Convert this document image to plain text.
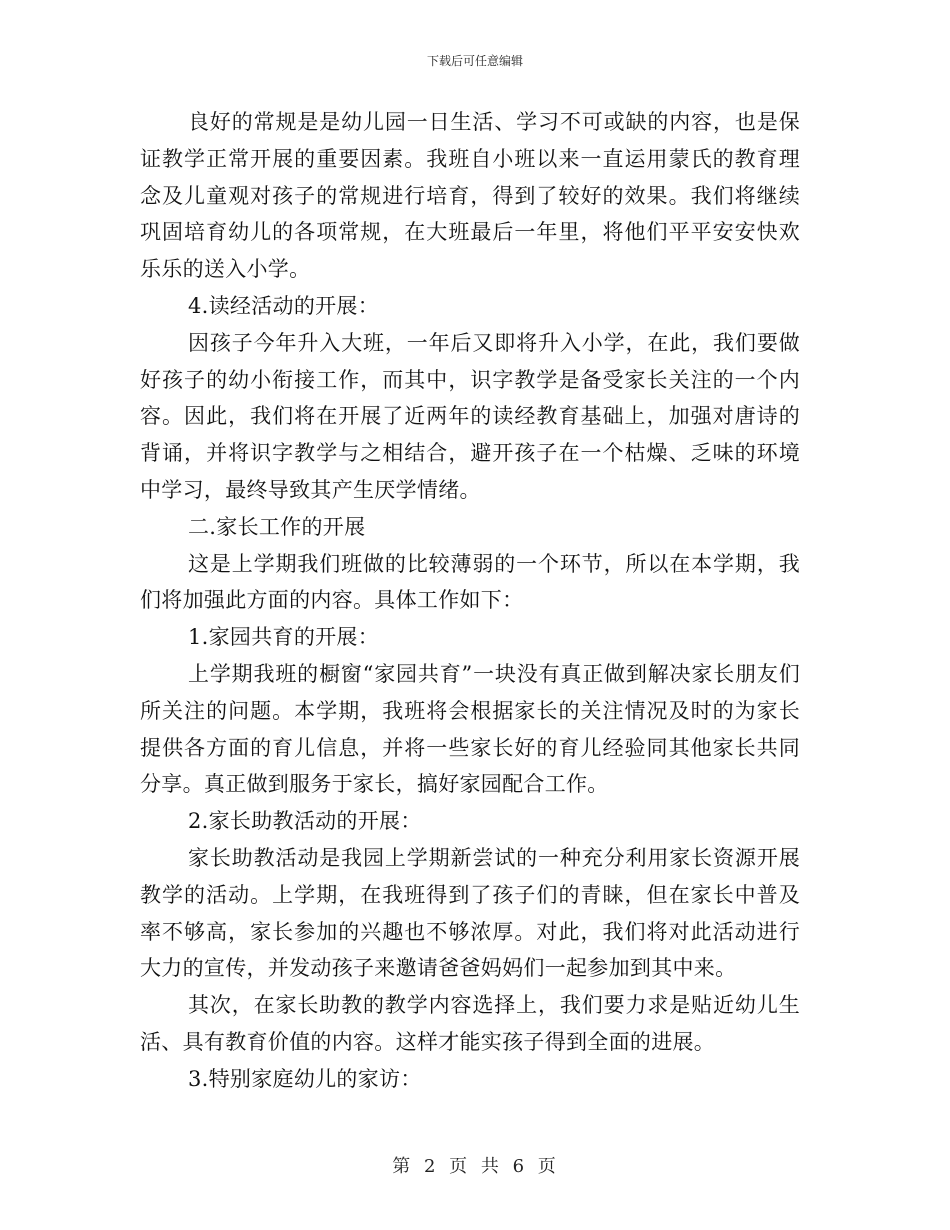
下载后可任意编辑

良好的常规是是幼儿园一日生活、学习不可或缺的内容，也是保证教学正常开展的重要因素。我班自小班以来一直运用蒙氏的教育理念及儿童观对孩子的常规进行培育，得到了较好的效果。我们将继续巩固培育幼儿的各项常规，在大班最后一年里，将他们平平安安快欢乐乐的送入小学。

4.读经活动的开展：

因孩子今年升入大班，一年后又即将升入小学，在此，我们要做好孩子的幼小衔接工作，而其中，识字教学是备受家长关注的一个内容。因此，我们将在开展了近两年的读经教育基础上，加强对唐诗的背诵，并将识字教学与之相结合，避开孩子在一个枯燥、乏味的环境中学习，最终导致其产生厌学情绪。

二.家长工作的开展

这是上学期我们班做的比较薄弱的一个环节，所以在本学期，我们将加强此方面的内容。具体工作如下：

1.家园共育的开展：

上学期我班的橱窗“家园共育”一块没有真正做到解决家长朋友们所关注的问题。本学期，我班将会根据家长的关注情况及时的为家长提供各方面的育儿信息，并将一些家长好的育儿经验同其他家长共同分享。真正做到服务于家长，搞好家园配合工作。

2.家长助教活动的开展：

家长助教活动是我园上学期新尝试的一种充分利用家长资源开展教学的活动。上学期，在我班得到了孩子们的青睐，但在家长中普及率不够高，家长参加的兴趣也不够浓厚。对此，我们将对此活动进行大力的宣传，并发动孩子来邀请爸爸妈妈们一起参加到其中来。

其次，在家长助教的教学内容选择上，我们要力求是贴近幼儿生活、具有教育价值的内容。这样才能实孩子得到全面的进展。

3.特别家庭幼儿的家访：

第 2 页 共 6 页
